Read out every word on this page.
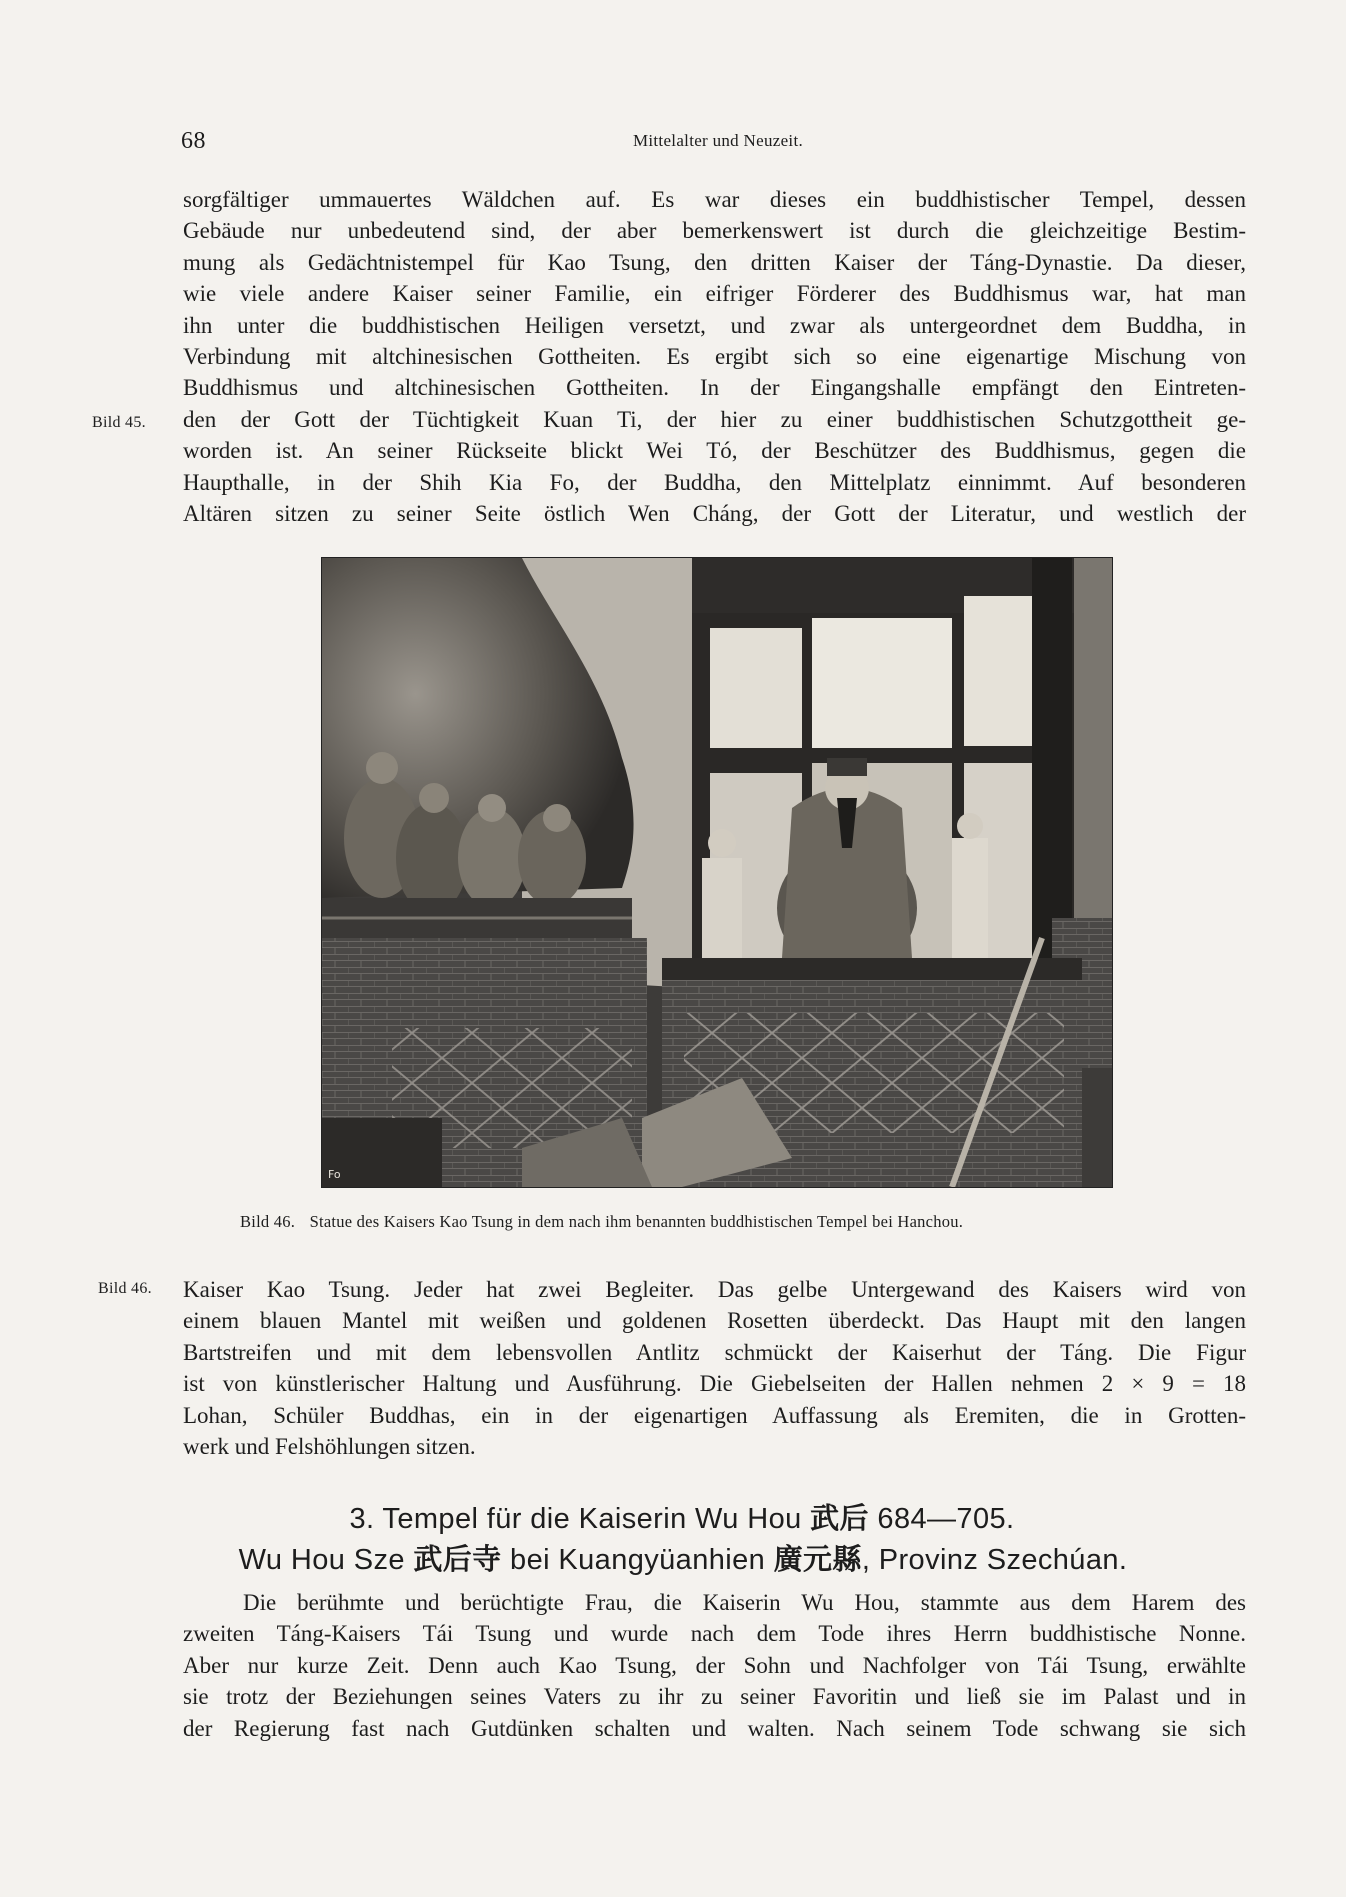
68	Mittelalter und Neuzeit.
sorgfältiger ummauertes Wäldchen auf. Es war dieses ein buddhistischer Tempel, dessen
Gebäude nur unbedeutend sind, der aber bemerkenswert ist durch die gleichzeitige Bestim-
mung als Gedächtnistempel für Kao Tsung, den dritten Kaiser der Táng-Dynastie. Da dieser,
wie viele andere Kaiser seiner Familie, ein eifriger Förderer des Buddhismus war, hat man
ihn unter die buddhistischen Heiligen versetzt, und zwar als untergeordnet dem Buddha, in
Verbindung mit altchinesischen Gottheiten. Es ergibt sich so eine eigenartige Mischung von
Buddhismus und altchinesischen Gottheiten. In der Eingangshalle empfängt den Eintreten-
den der Gott der Tüchtigkeit Kuan Ti, der hier zu einer buddhistischen Schutzgottheit ge-
worden ist. An seiner Rückseite blickt Wei Tó, der Beschützer des Buddhismus, gegen die
Haupthalle, in der Shih Kia Fo, der Buddha, den Mittelplatz einnimmt. Auf besonderen
Altären sitzen zu seiner Seite östlich Wen Cháng, der Gott der Literatur, und westlich der
Bild 45.
Fo
Bild 46. Statue des Kaisers Kao Tsung in dem nach ihm benannten buddhistischen Tempel bei Hanchou.
Kaiser Kao Tsung. Jeder hat zwei Begleiter. Das gelbe Untergewand des Kaisers wird von
einem blauen Mantel mit weißen und goldenen Rosetten überdeckt. Das Haupt mit den langen
Bartstreifen und mit dem lebensvollen Antlitz schmückt der Kaiserhut der Táng. Die Figur
ist von künstlerischer Haltung und Ausführung. Die Giebelseiten der Hallen nehmen 2 × 9 = 18
Lohan, Schüler Buddhas, ein in der eigenartigen Auffassung als Eremiten, die in Grotten-
werk und Felshöhlungen sitzen.
Bild 46.
3. Tempel für die Kaiserin Wu Hou 武后 684—705.
Wu Hou Sze 武后寺 bei Kuangyüanhien 廣元縣, Provinz Szechúan.
Die berühmte und berüchtigte Frau, die Kaiserin Wu Hou, stammte aus dem Harem des
zweiten Táng-Kaisers Tái Tsung und wurde nach dem Tode ihres Herrn buddhistische Nonne.
Aber nur kurze Zeit. Denn auch Kao Tsung, der Sohn und Nachfolger von Tái Tsung, erwählte
sie trotz der Beziehungen seines Vaters zu ihr zu seiner Favoritin und ließ sie im Palast und in
der Regierung fast nach Gutdünken schalten und walten. Nach seinem Tode schwang sie sich
